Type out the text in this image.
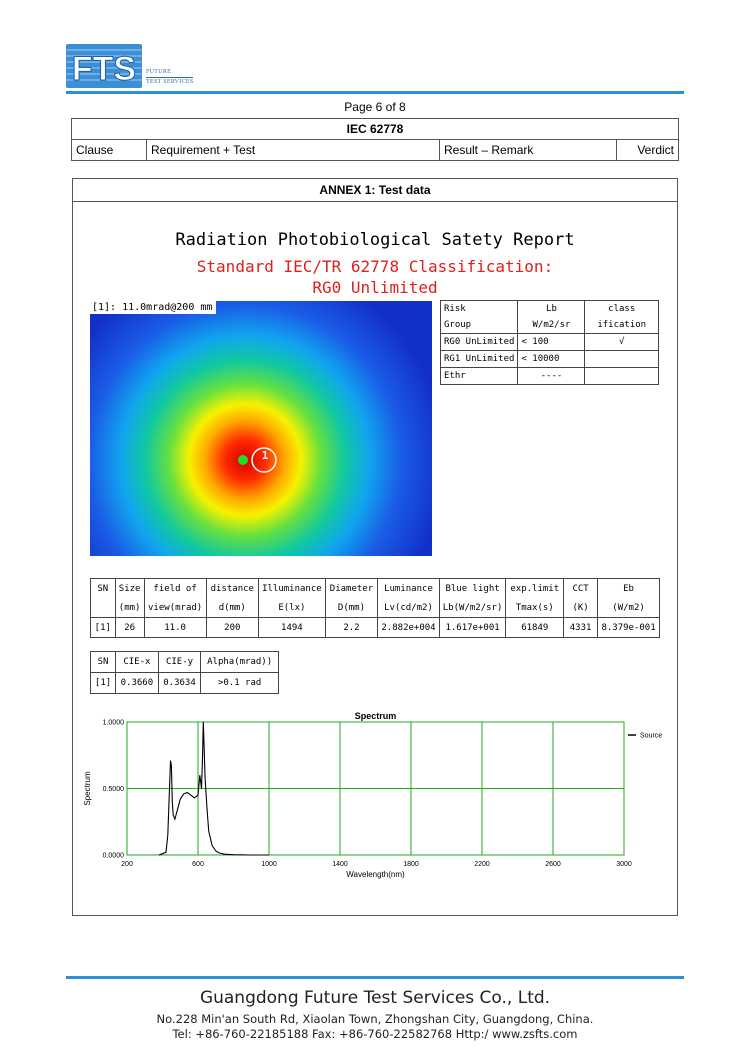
FTS FUTURE
TEST SERVICES
Page 6 of 8
IEC 62778
Clause	Requirement + Test	Result – Remark	Verdict
ANNEX 1: Test data
Radiation Photobiological Satety Report
Standard IEC/TR 62778 Classification:
RG0 Unlimited
1
[1]: 11.0mrad@200 mm	Risk	Lb	class
Group	W/m2/sr	ification
RG0 UnLimited	< 100	√
RG1 UnLimited	< 10000	
Ethr	----	
SN	Size	field of	distance	Illuminance	Diameter	Luminance	Blue light	exp.limit	CCT	Eb
	(mm)	view(mrad)	d(mm)	E(lx)	D(mm)	Lv(cd/m2)	Lb(W/m2/sr)	Tmax(s)	(K)	(W/m2)
[1]	26	11.0	200	1494	2.2	2.882e+004	1.617e+001	61849	4331	8.379e-001
SN	CIE-x	CIE-y	Alpha(mrad))
[1]	0.3660	0.3634	>0.1 rad
200	600	1000	1400	1800	2200	2600	3000
0.0000
0.5000
1.0000
Spectrum
Wavelength(nm)
Spectrum
Source
Guangdong Future Test Services Co., Ltd.
No.228 Min'an South Rd, Xiaolan Town, Zhongshan City, Guangdong, China.
Tel: +86-760-22185188 Fax: +86-760-22582768 Http:/ www.zsfts.com
